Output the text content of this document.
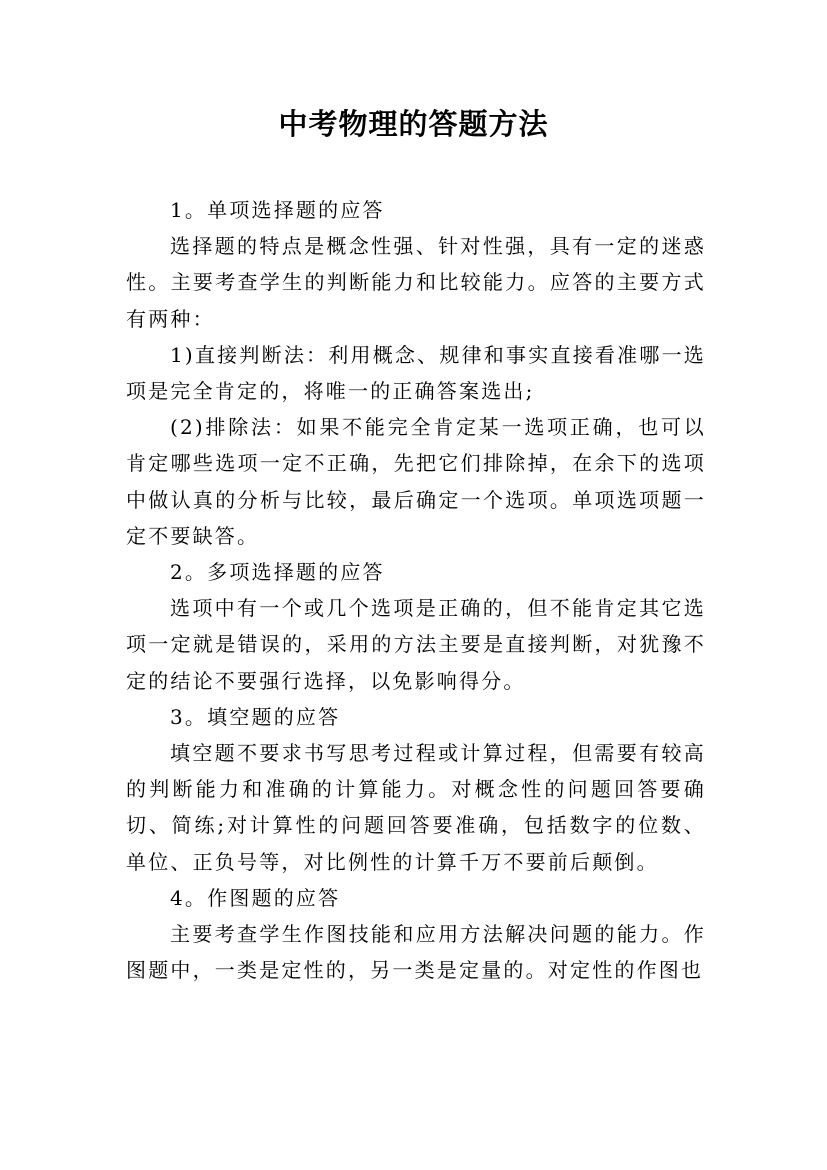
中考物理的答题方法

1。单项选择题的应答

选择题的特点是概念性强、针对性强，具有一定的迷惑性。主要考查学生的判断能力和比较能力。应答的主要方式有两种：

1)直接判断法：利用概念、规律和事实直接看准哪一选项是完全肯定的，将唯一的正确答案选出;

(2)排除法：如果不能完全肯定某一选项正确，也可以肯定哪些选项一定不正确，先把它们排除掉，在余下的选项中做认真的分析与比较，最后确定一个选项。单项选项题一定不要缺答。

2。多项选择题的应答

选项中有一个或几个选项是正确的，但不能肯定其它选项一定就是错误的，采用的方法主要是直接判断，对犹豫不定的结论不要强行选择，以免影响得分。

3。填空题的应答

填空题不要求书写思考过程或计算过程，但需要有较高的判断能力和准确的计算能力。对概念性的问题回答要确切、简练;对计算性的问题回答要准确，包括数字的位数、单位、正负号等，对比例性的计算千万不要前后颠倒。

4。作图题的应答

主要考查学生作图技能和应用方法解决问题的能力。作图题中，一类是定性的，另一类是定量的。对定性的作图也
